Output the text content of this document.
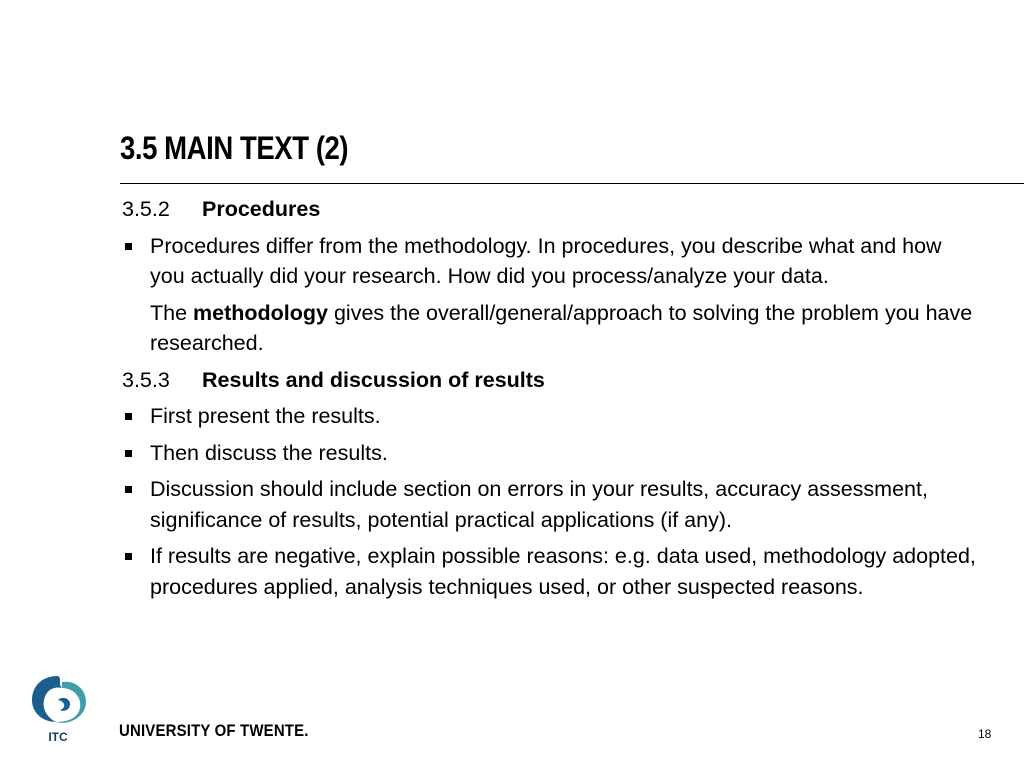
3.5 MAIN TEXT (2)
3.5.2	Procedures
Procedures differ from the methodology. In procedures, you describe what and how you actually did your research. How did you process/analyze your data.
The methodology gives the overall/general/approach to solving the problem you have researched.
3.5.3	Results and discussion of results
First present the results.
Then discuss the results.
Discussion should include section on errors in your results, accuracy assessment, significance of results, potential practical applications (if any).
If results are negative, explain possible reasons: e.g. data used, methodology adopted, procedures applied, analysis techniques used, or other suspected reasons.
ITC	UNIVERSITY OF TWENTE.	18
